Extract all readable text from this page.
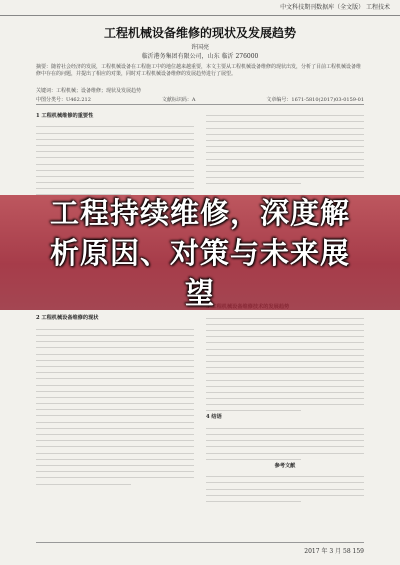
中文科技期刊数据库（全文版） 工程技术
工程机械设备维修的现状及发展趋势
许国亮
临沂港务集团有限公司，山东 临沂 276000
摘要：随着社会经济的发展，工程机械设备在工程施工中的地位越来越重要，本文主要从工程机械设备维修的现状出发，分析了目前工程机械设备维修中存在的问题，并提出了相应的对策，同时对工程机械设备维修的发展趋势进行了展望。
关键词：工程机械；设备维修；现状及发展趋势
中图分类号：U462.212	文献标识码：A	文章编号：1671-5810(2017)03-0159-01
1 工程机械维修的重要性
2 工程机械设备维修的现状
4 结语
参考文献
工程持续维修，深度解
析原因、对策与未来展
望
2017 年 3 月 58 159
